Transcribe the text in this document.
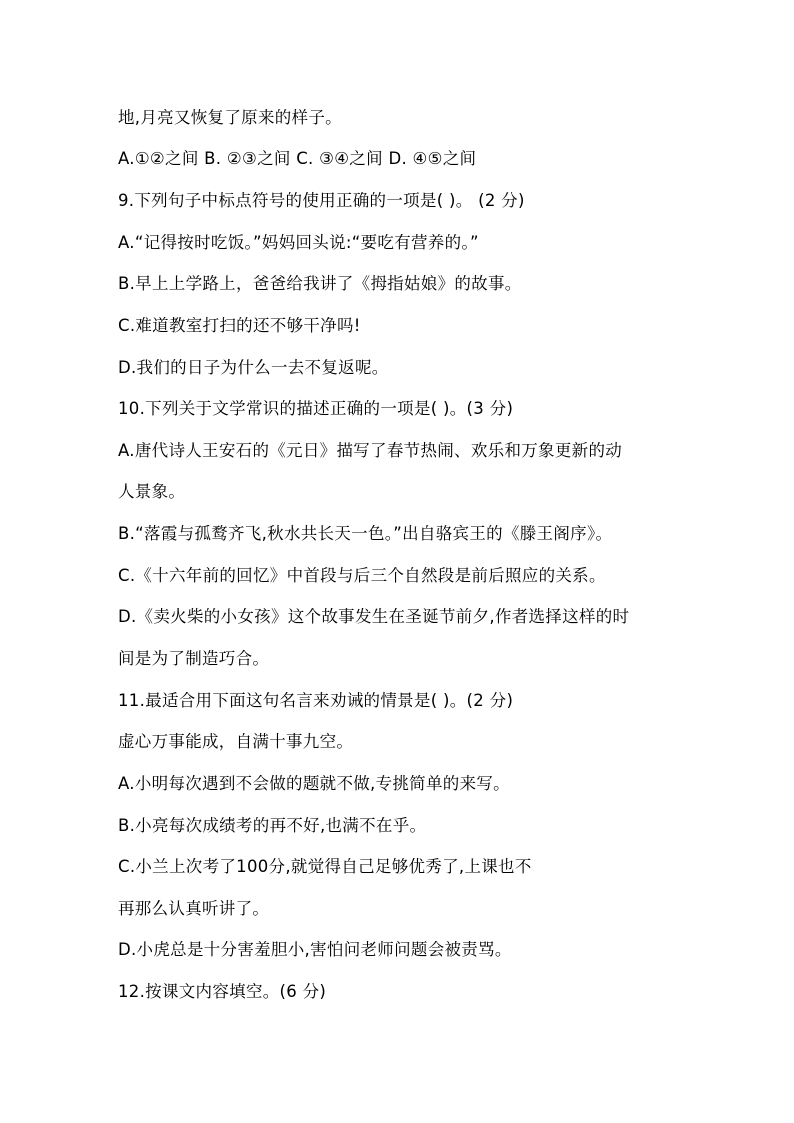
地,月亮又恢复了原来的样子。
A.①②之间 B. ②③之间 C. ③④之间 D. ④⑤之间
9.下列句子中标点符号的使用正确的一项是( )。 (2 分)
A.“记得按时吃饭。”妈妈回头说:“要吃有营养的。”
B.早上上学路上，爸爸给我讲了《拇指姑娘》的故事。
C.难道教室打扫的还不够干净吗!
D.我们的日子为什么一去不复返呢。
10.下列关于文学常识的描述正确的一项是( )。(3 分)
A.唐代诗人王安石的《元日》描写了春节热闹、欢乐和万象更新的动
人景象。
B.“落霞与孤鹜齐飞,秋水共长天一色。”出自骆宾王的《滕王阁序》。
C.《十六年前的回忆》中首段与后三个自然段是前后照应的关系。
D.《卖火柴的小女孩》这个故事发生在圣诞节前夕,作者选择这样的时
间是为了制造巧合。
11.最适合用下面这句名言来劝诫的情景是( )。(2 分)
虚心万事能成，自满十事九空。
A.小明每次遇到不会做的题就不做,专挑简单的来写。
B.小亮每次成绩考的再不好,也满不在乎。
C.小兰上次考了100分,就觉得自己足够优秀了,上课也不
再那么认真听讲了。
D.小虎总是十分害羞胆小,害怕问老师问题会被责骂。
12.按课文内容填空。(6 分)
